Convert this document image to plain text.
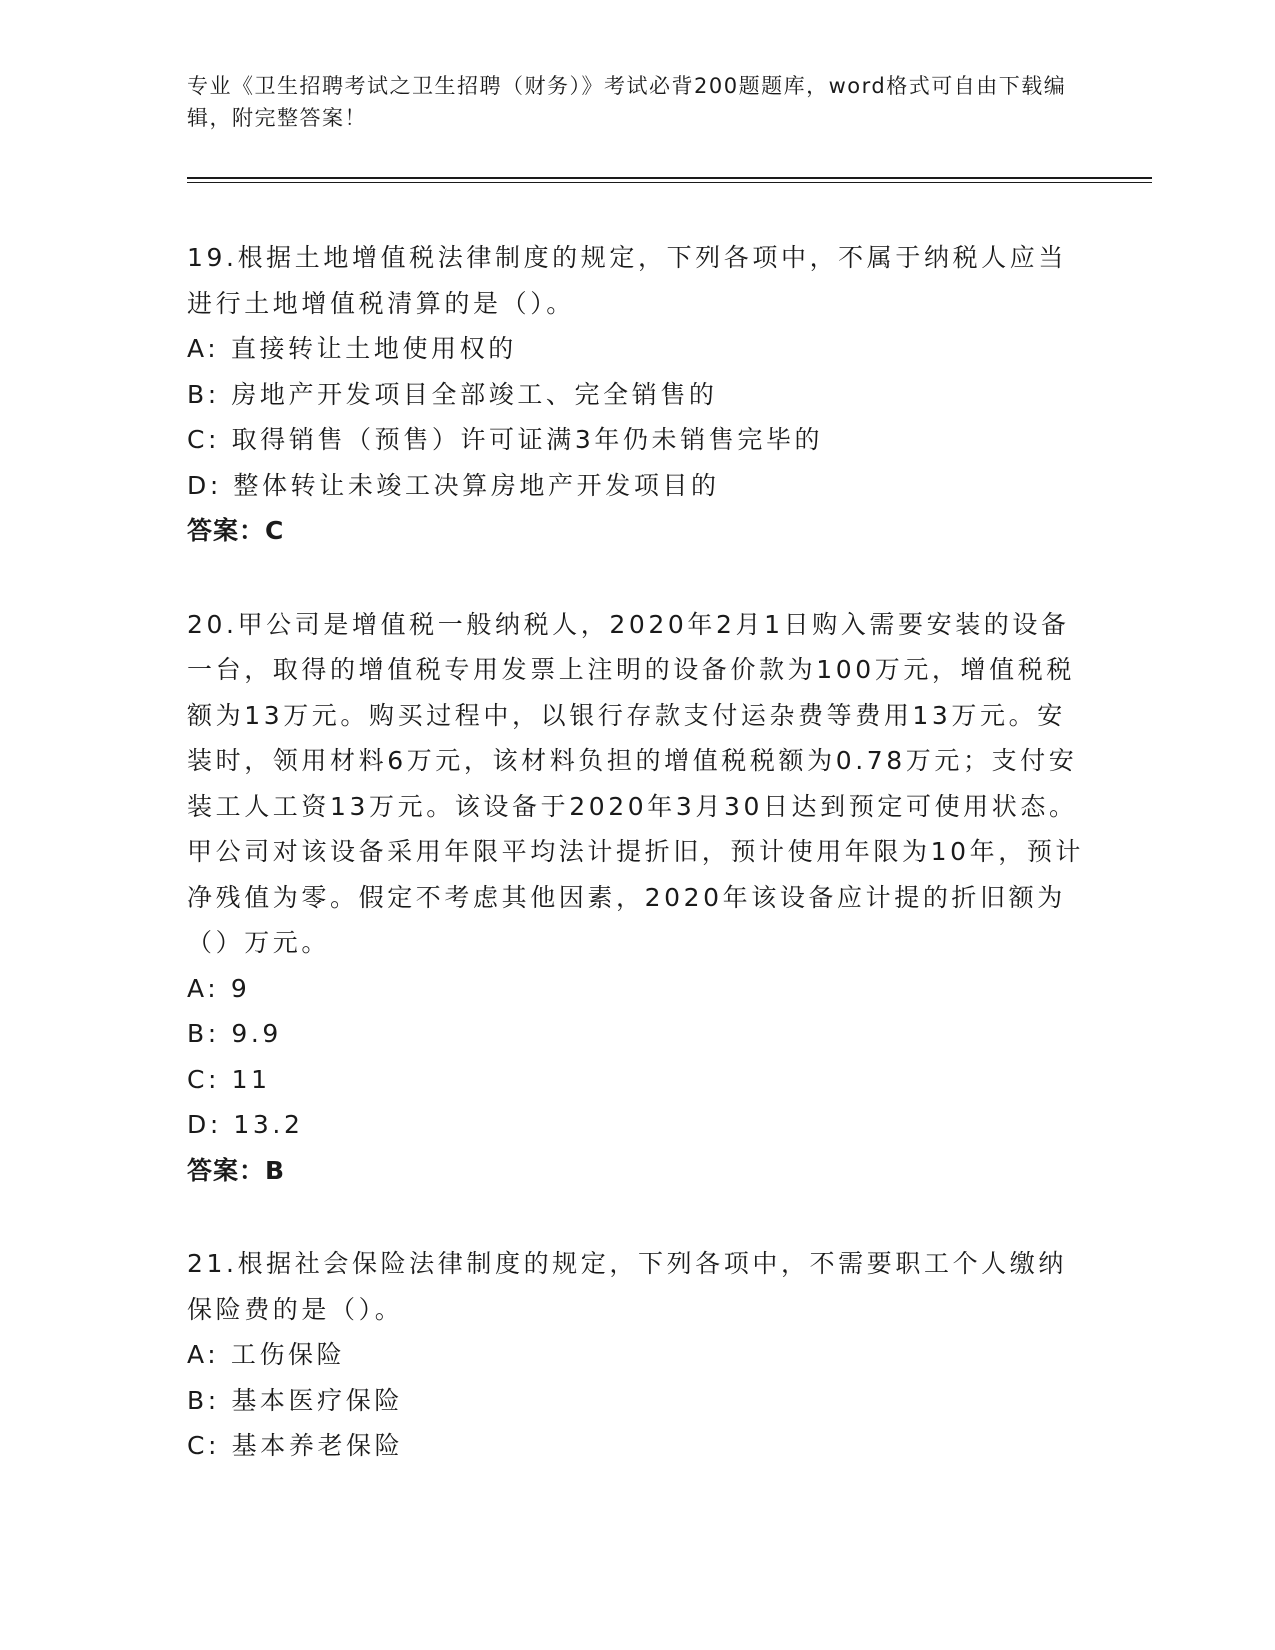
专业《卫生招聘考试之卫生招聘（财务）》考试必背200题题库，word格式可自由下载编辑，附完整答案！
19.根据土地增值税法律制度的规定，下列各项中，不属于纳税人应当进行土地增值税清算的是（）。
A: 直接转让土地使用权的
B: 房地产开发项目全部竣工、完全销售的
C: 取得销售（预售）许可证满3年仍未销售完毕的
D: 整体转让未竣工决算房地产开发项目的
答案：C
20.甲公司是增值税一般纳税人，2020年2月1日购入需要安装的设备一台，取得的增值税专用发票上注明的设备价款为100万元，增值税税额为13万元。购买过程中，以银行存款支付运杂费等费用13万元。安装时，领用材料6万元，该材料负担的增值税税额为0.78万元；支付安装工人工资13万元。该设备于2020年3月30日达到预定可使用状态。甲公司对该设备采用年限平均法计提折旧，预计使用年限为10年，预计净残值为零。假定不考虑其他因素，2020年该设备应计提的折旧额为（）万元。
A: 9
B: 9.9
C: 11
D: 13.2
答案：B
21.根据社会保险法律制度的规定，下列各项中，不需要职工个人缴纳保险费的是（）。
A: 工伤保险
B: 基本医疗保险
C: 基本养老保险
